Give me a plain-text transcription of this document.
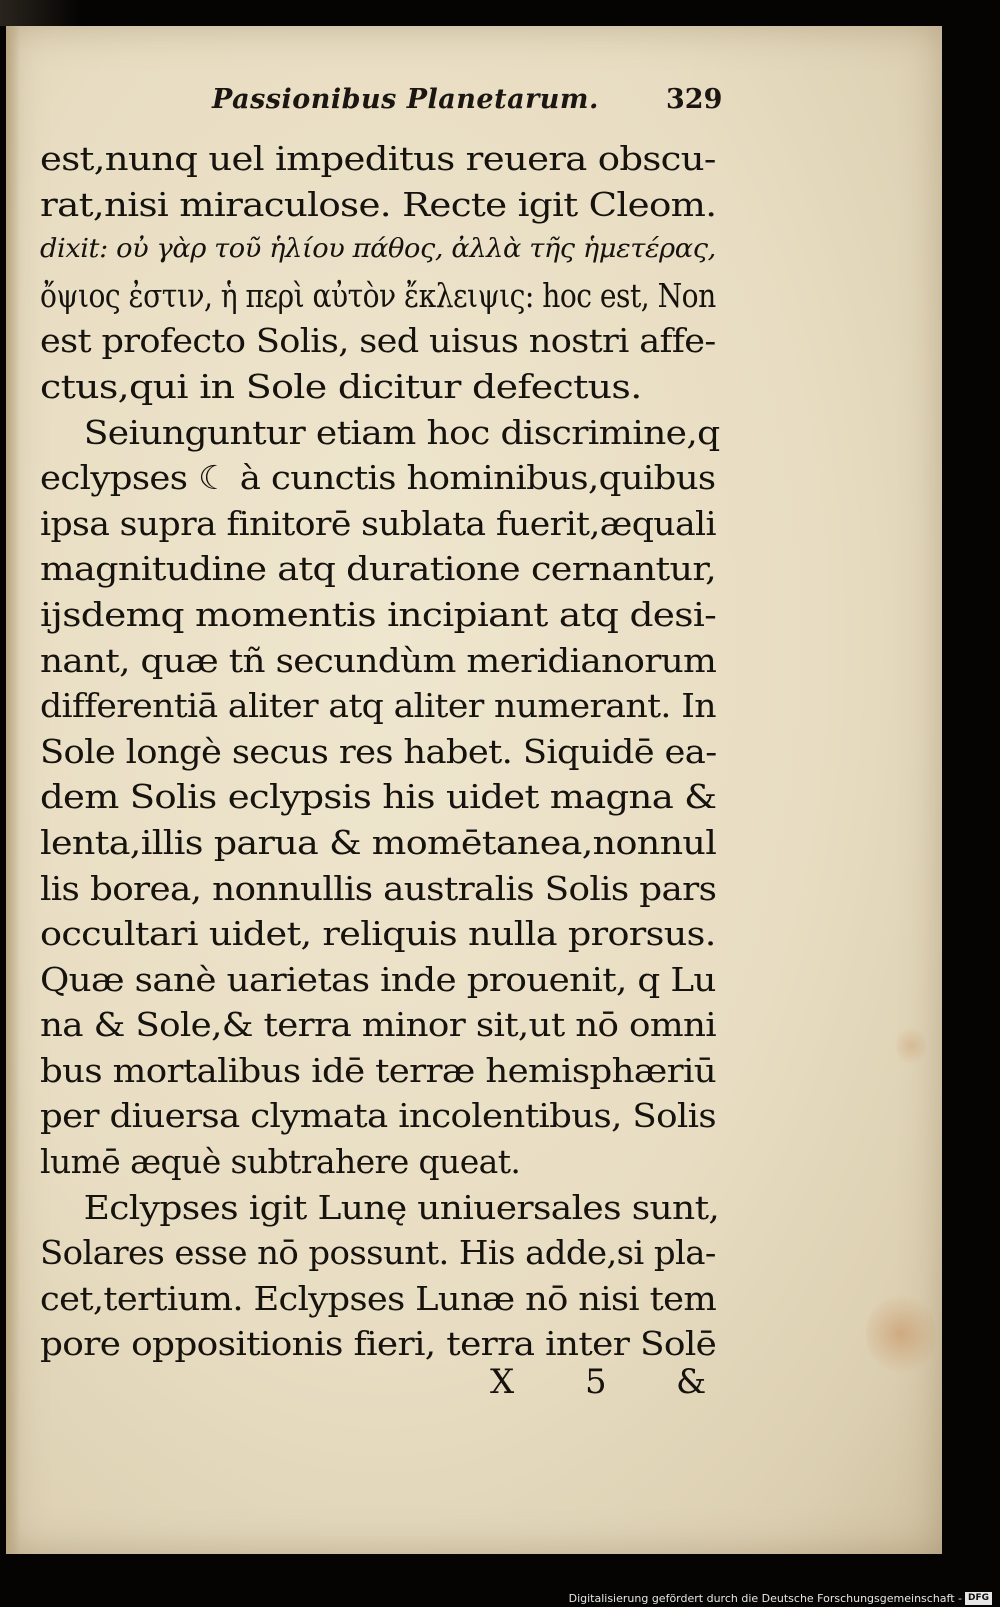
Passionibus Planetarum. 329
est,nunq uel impeditus reuera obscu-
rat,nisi miraculose. Recte igit Cleom.
dixit: οὐ γὰρ τοῦ ἡλίου πάθος, ἀλλὰ τῆς ἡμετέρας,
ὄψιος ἐστιν, ἡ περὶ αὐτὸν ἔκλειψις: hoc est, Non
est profecto Solis, sed uisus nostri affe-
ctus,qui in Sole dicitur defectus.
Seiunguntur etiam hoc discrimine,q
eclypses ☾ à cunctis hominibus,quibus
ipsa supra finitorē sublata fuerit,æquali
magnitudine atq duratione cernantur,
ijsdemq momentis incipiant atq desi-
nant, quæ tñ secundùm meridianorum
differentiā aliter atq aliter numerant. In
Sole longè secus res habet. Siquidē ea-
dem Solis eclypsis his uidet magna &
lenta,illis parua & momētanea,nonnul
lis borea, nonnullis australis Solis pars
occultari uidet, reliquis nulla prorsus.
Quæ sanè uarietas inde prouenit, q Lu
na & Sole,& terra minor sit,ut nō omni
bus mortalibus idē terræ hemisphæriū
per diuersa clymata incolentibus, Solis
lumē æquè subtrahere queat.
Eclypses igit Lunę uniuersales sunt,
Solares esse nō possunt. His adde,si pla-
cet,tertium. Eclypses Lunæ nō nisi tem
pore oppositionis fieri, terra inter Solē
X 5 &
Digitalisierung gefördert durch die Deutsche Forschungsgemeinschaft - DFG
